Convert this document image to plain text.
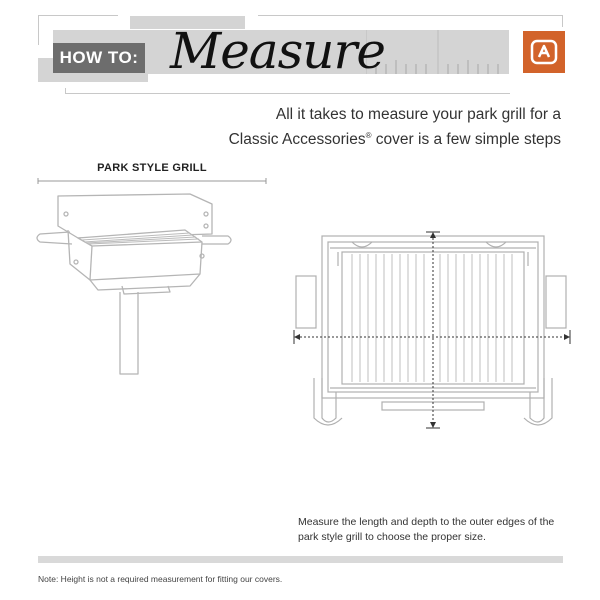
HOW TO: Measure
All it takes to measure your park grill for a
Classic Accessories® cover is a few simple steps
PARK STYLE GRILL
Measure the length and depth to the outer edges of the park style grill to choose the proper size.
Note: Height is not a required measurement for fitting our covers.
